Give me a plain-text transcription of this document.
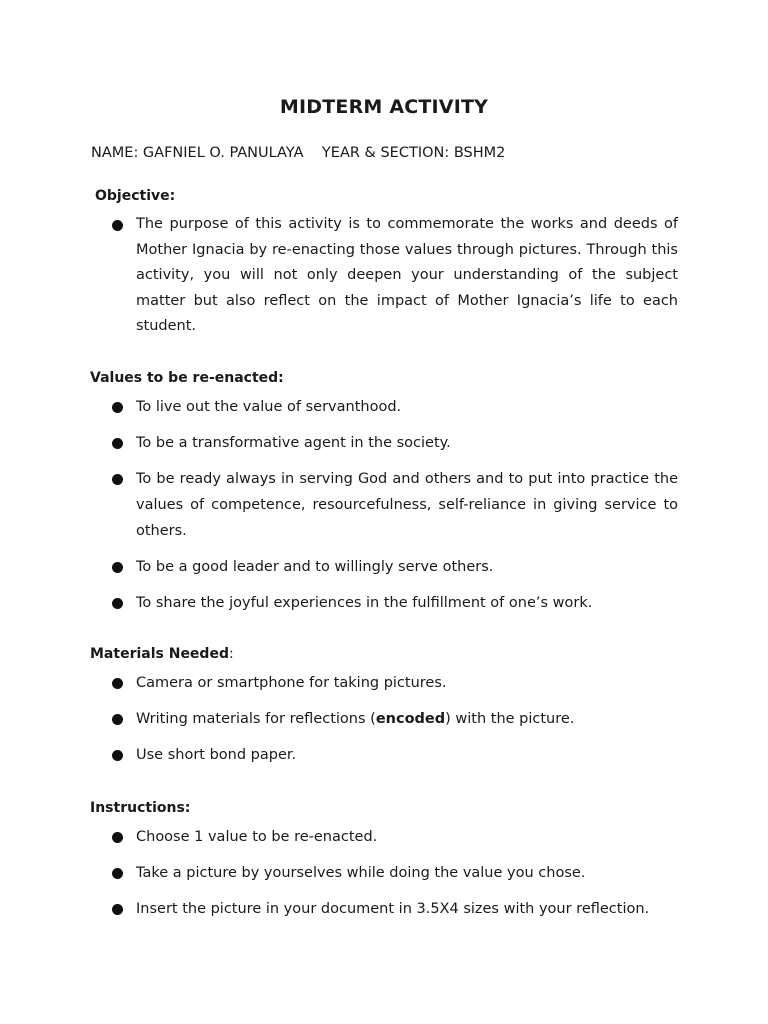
MIDTERM ACTIVITY
NAME: GAFNIEL O. PANULAYA    YEAR & SECTION: BSHM2
Objective:
The purpose of this activity is to commemorate the works and deeds of Mother Ignacia by re-enacting those values through pictures. Through this activity, you will not only deepen your understanding of the subject matter but also reflect on the impact of Mother Ignacia’s life to each student.
Values to be re-enacted:
To live out the value of servanthood.
To be a transformative agent in the society.
To be ready always in serving God and others and to put into practice the values of competence, resourcefulness, self-reliance in giving service to others.
To be a good leader and to willingly serve others.
To share the joyful experiences in the fulfillment of one’s work.
Materials Needed:
Camera or smartphone for taking pictures.
Writing materials for reflections (encoded) with the picture.
Use short bond paper.
Instructions:
Choose 1 value to be re-enacted.
Take a picture by yourselves while doing the value you chose.
Insert the picture in your document in 3.5X4 sizes with your reflection.
